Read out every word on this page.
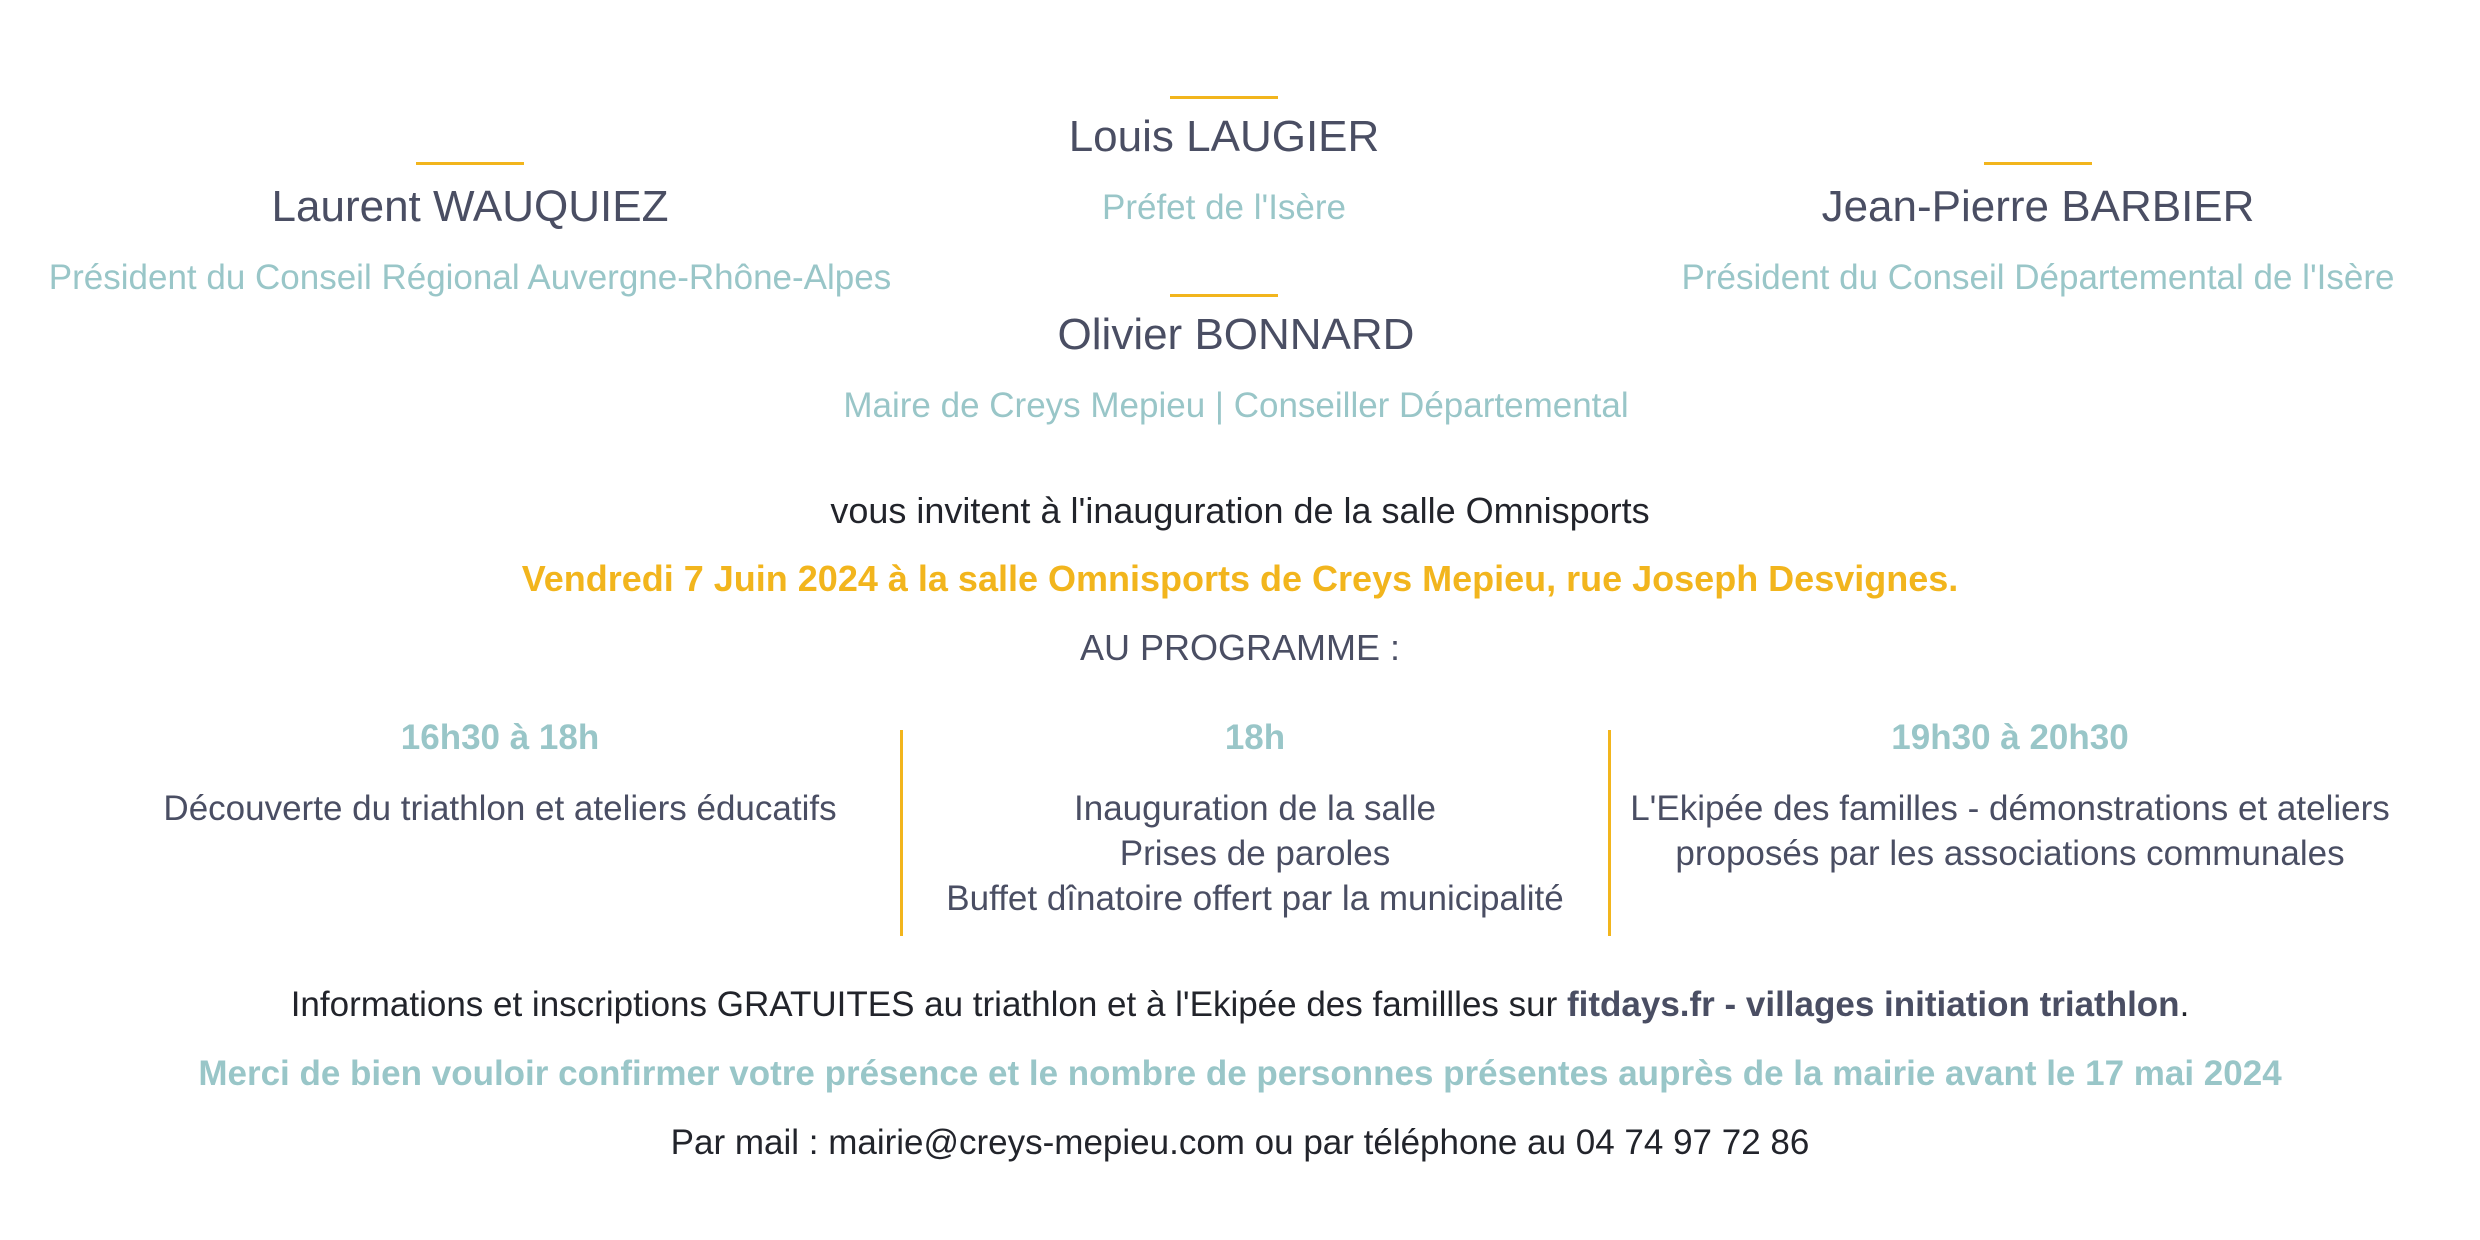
Louis LAUGIER
Préfet de l'Isère
Laurent WAUQUIEZ
Président du Conseil Régional Auvergne-Rhône-Alpes
Jean-Pierre BARBIER
Président du Conseil Départemental de l'Isère
Olivier BONNARD
Maire de Creys Mepieu | Conseiller Départemental
vous invitent à l'inauguration de la salle Omnisports
Vendredi 7 Juin 2024 à la salle Omnisports de Creys Mepieu, rue Joseph Desvignes.
AU PROGRAMME :
16h30 à 18h
Découverte du triathlon et ateliers éducatifs
18h
Inauguration de la salle
Prises de paroles
Buffet dînatoire offert par la municipalité
19h30 à 20h30
L'Ekipée des familles - démonstrations et ateliers
proposés par les associations communales
Informations et inscriptions GRATUITES au triathlon et à l'Ekipée des famillles sur fitdays.fr - villages initiation triathlon.
Merci de bien vouloir confirmer votre présence et le nombre de personnes présentes auprès de la mairie avant le 17 mai 2024
Par mail : mairie@creys-mepieu.com ou par téléphone au 04 74 97 72 86
